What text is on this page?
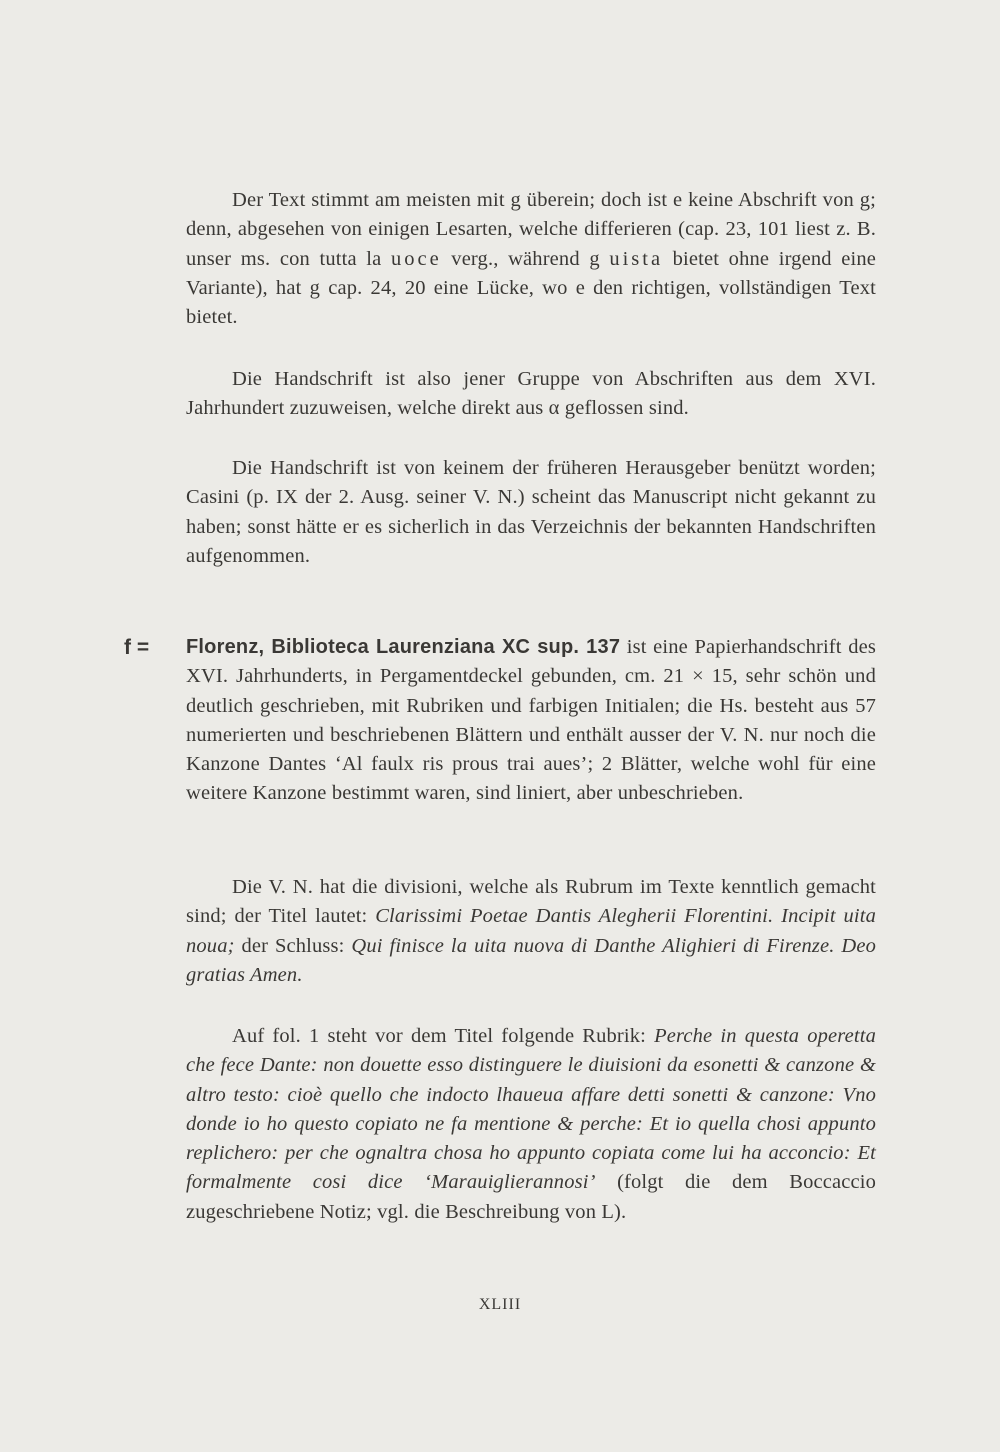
Der Text stimmt am meisten mit g überein; doch ist e keine Abschrift von g; denn, abgesehen von einigen Lesarten, welche differieren (cap. 23, 101 liest z. B. unser ms. con tutta la uoce verg., während g uista bietet ohne irgend eine Variante), hat g cap. 24, 20 eine Lücke, wo e den richtigen, vollständigen Text bietet.

Die Handschrift ist also jener Gruppe von Abschriften aus dem XVI. Jahrhundert zuzuweisen, welche direkt aus α geflossen sind.

Die Handschrift ist von keinem der früheren Herausgeber benützt worden; Casini (p. IX der 2. Ausg. seiner V. N.) scheint das Manuscript nicht gekannt zu haben; sonst hätte er es sicherlich in das Verzeichnis der bekannten Handschriften aufgenommen.

f = Florenz, Biblioteca Laurenziana XC sup. 137 ist eine Papierhandschrift des XVI. Jahrhunderts, in Pergamentdeckel gebunden, cm. 21 × 15, sehr schön und deutlich geschrieben, mit Rubriken und farbigen Initialen; die Hs. besteht aus 57 numerierten und beschriebenen Blättern und enthält ausser der V. N. nur noch die Kanzone Dantes ‘Al faulx ris prous trai aues’; 2 Blätter, welche wohl für eine weitere Kanzone bestimmt waren, sind liniert, aber unbeschrieben.

Die V. N. hat die divisioni, welche als Rubrum im Texte kenntlich gemacht sind; der Titel lautet: Clarissimi Poetae Dantis Alegherii Florentini. Incipit uita noua; der Schluss: Qui finisce la uita nuova di Danthe Alighieri di Firenze. Deo gratias Amen.

Auf fol. 1 steht vor dem Titel folgende Rubrik: Perche in questa operetta che fece Dante: non douette esso distinguere le diuisioni da esonetti & canzone & altro testo: cioè quello che indocto lhaueua affare detti sonetti & canzone: Vno donde io ho questo copiato ne fa mentione & perche: Et io quella chosi appunto replichero: per che ognaltra chosa ho appunto copiata come lui ha acconcio: Et formalmente cosi dice ‘Marauiglierannosi’ (folgt die dem Boccaccio zugeschriebene Notiz; vgl. die Beschreibung von L).

XLIII
